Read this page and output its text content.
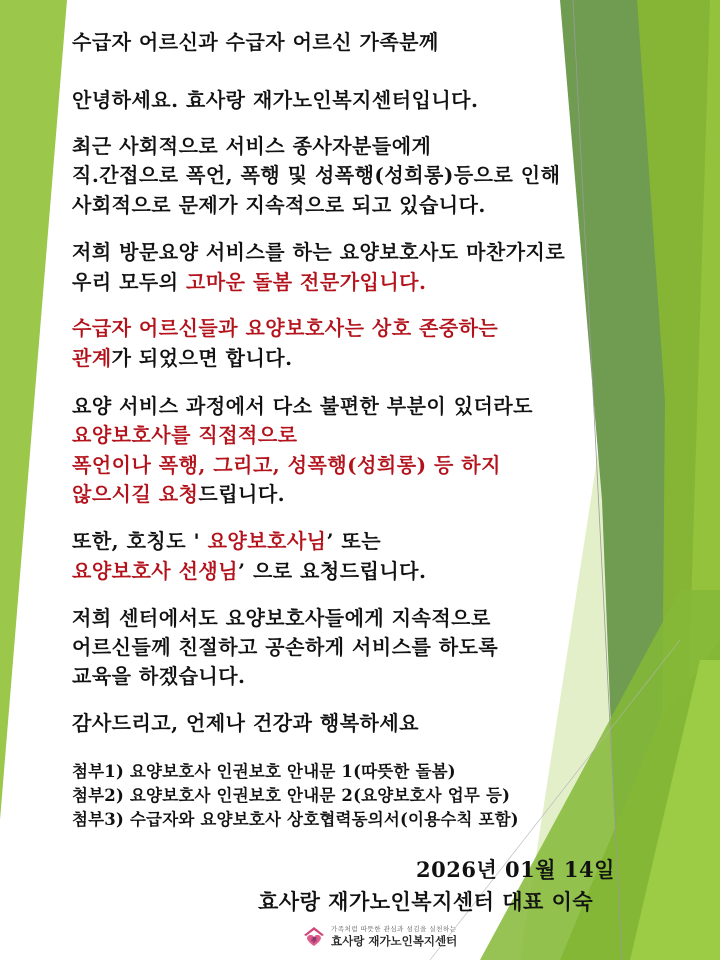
수급자 어르신과 수급자 어르신 가족분께
안녕하세요. 효사랑 재가노인복지센터입니다.
최근 사회적으로 서비스 종사자분들에게
직.간접으로 폭언, 폭행 및 성폭행(성희롱)등으로 인해
사회적으로 문제가 지속적으로 되고 있습니다.
저희 방문요양 서비스를 하는 요양보호사도 마찬가지로
우리 모두의 고마운 돌봄 전문가입니다.
수급자 어르신들과 요양보호사는 상호 존중하는
관계가 되었으면 합니다.
요양 서비스 과정에서 다소 불편한 부분이 있더라도
요양보호사를 직접적으로
폭언이나 폭행, 그리고, 성폭행(성희롱) 등 하지
않으시길 요청드립니다.
또한, 호칭도 ' 요양보호사님’ 또는
요양보호사 선생님’ 으로 요청드립니다.
저희 센터에서도 요양보호사들에게 지속적으로
어르신들께 친절하고 공손하게 서비스를 하도록
교육을 하겠습니다.
감사드리고, 언제나 건강과 행복하세요
첨부1) 요양보호사 인권보호 안내문 1(따뜻한 돌봄)
첨부2) 요양보호사 인권보호 안내문 2(요양보호사 업무 등)
첨부3) 수급자와 요양보호사 상호협력동의서(이용수칙 포함)
2026년 01월 14일
효사랑 재가노인복지센터 대표 이숙
孝
가족처럼 따뜻한 관심과 섬김을 실천하는
효사랑 재가노인복지센터
